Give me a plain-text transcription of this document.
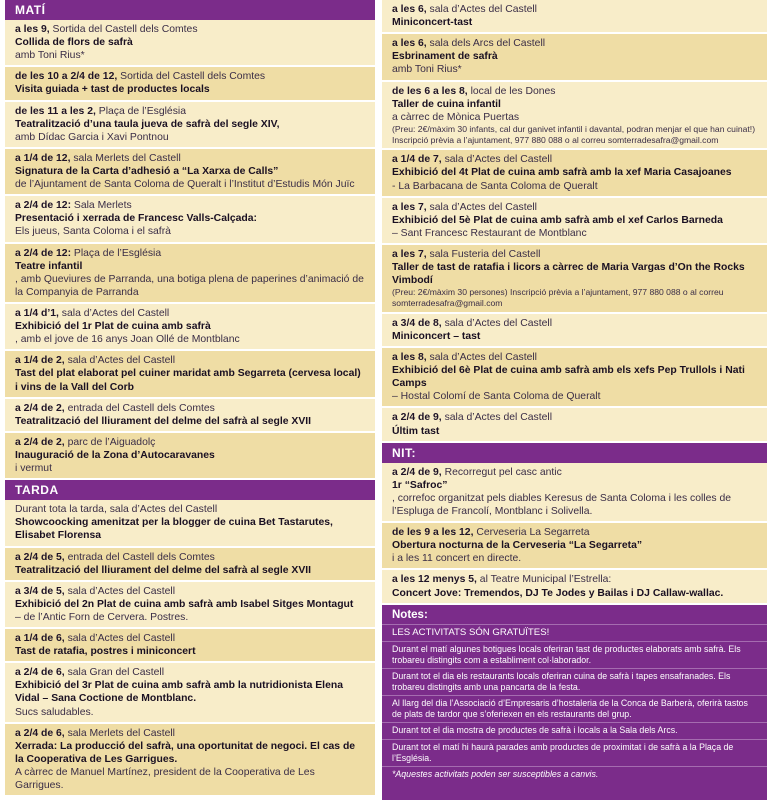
MATÍ
a les 9, Sortida del Castell dels Comtes
Collida de flors de safrà
amb Toni Rius*
de les 10 a 2/4 de 12, Sortida del Castell dels Comtes
Visita guiada + tast de productes locals
de les 11 a les 2, Plaça de l’Església
Teatralització d’una taula jueva de safrà del segle XIV,
amb Dídac Garcia i Xavi Pontnou
a 1/4 de 12, sala Merlets del Castell
Signatura de la Carta d’adhesió a “La Xarxa de Calls”
de l’Ajuntament de Santa Coloma de Queralt i l’Institut d’Estudis Món Juïc
a 2/4 de 12: Sala Merlets
Presentació i xerrada de Francesc Valls-Calçada:
Els jueus, Santa Coloma i el safrà
a 2/4 de 12: Plaça de l’Església
Teatre infantil
, amb Queviures de Parranda, una botiga plena de paperines d’animació de la Companyia de Parranda
a 1/4 d’1, sala d’Actes del Castell
Exhibició del 1r Plat de cuina amb safrà
, amb el jove de 16 anys Joan Ollé de Montblanc
a 1/4 de 2, sala d’Actes del Castell
Tast del plat elaborat pel cuiner maridat amb Segarreta (cervesa local) i vins de la Vall del Corb
a 2/4 de 2, entrada del Castell dels Comtes
Teatralització del lliurament del delme del safrà al segle XVII
a 2/4 de 2, parc de l’Aiguadolç
Inauguració de la Zona d’Autocaravanes
i vermut
TARDA
Durant tota la tarda, sala d’Actes del Castell
Showcoocking amenitzat per la blogger de cuina Bet Tastarutes, Elisabet Florensa
a 2/4 de 5, entrada del Castell dels Comtes
Teatralització del lliurament del delme del safrà al segle XVII
a 3/4 de 5, sala d’Actes del Castell
Exhibició del 2n Plat de cuina amb safrà amb Isabel Sitges Montagut
– de l’Antic Forn de Cervera. Postres.
a 1/4 de 6, sala d’Actes del Castell
Tast de ratafia, postres i miniconcert
a 2/4 de 6, sala Gran del Castell
Exhibició del 3r Plat de cuina amb safrà amb la nutridionista Elena Vidal – Sana Coctione de Montblanc.
Sucs saludables.
a 2/4 de 6, sala Merlets del Castell
Xerrada: La producció del safrà, una oportunitat de negoci. El cas de la Cooperativa de Les Garrigues.
A càrrec de Manuel Martínez, president de la Cooperativa de Les Garrigues.
a les 6, sala d’Actes del Castell
Miniconcert-tast
a les 6, sala dels Arcs del Castell
Esbrinament de safrà
amb Toni Rius*
de les 6 a les 8, local de les Dones
Taller de cuina infantil
a càrrec de Mònica Puertas
(Preu: 2€/màxim 30 infants, cal dur ganivet infantil i davantal, podran menjar el que han cuinat!) Inscripció prèvia a l’ajuntament, 977 880 088 o al correu somterradesafra@gmail.com
a 1/4 de 7, sala d’Actes del Castell
Exhibició del 4t Plat de cuina amb safrà amb la xef Maria Casajoanes
- La Barbacana de Santa Coloma de Queralt
a les 7, sala d’Actes del Castell
Exhibició del 5è Plat de cuina amb safrà amb el xef Carlos Barneda
– Sant Francesc Restaurant de Montblanc
a les 7, sala Fusteria del Castell
Taller de tast de ratafia i licors a càrrec de Maria Vargas d’On the Rocks Vimbodí
(Preu: 2€/màxim 30 persones) Inscripció prèvia a l’ajuntament, 977 880 088 o al correu somterradesafra@gmail.com
a 3/4 de 8, sala d’Actes del Castell
Miniconcert – tast
a les 8, sala d’Actes del Castell
Exhibició del 6è Plat de cuina amb safrà amb els xefs Pep Trullols i Nati Camps
– Hostal Colomí de Santa Coloma de Queralt
a 2/4 de 9, sala d’Actes del Castell
Últim tast
NIT:
a 2/4 de 9, Recorregut pel casc antic
1r “Safroc”
, correfoc organitzat pels diables Keresus de Santa Coloma i les colles de l’Espluga de Francolí, Montblanc i Solivella.
de les 9 a les 12, Cerveseria La Segarreta
Obertura nocturna de la Cerveseria “La Segarreta”
i a les 11 concert en directe.
a les 12 menys 5, al Teatre Municipal l’Estrella:
Concert Jove: Tremendos, DJ Te Jodes y Bailas i DJ Callaw-wallac.
Notes:
LES ACTIVITATS SÓN GRATUÏTES!
Durant el matí algunes botigues locals oferiran tast de productes elaborats amb safrà. Els trobareu distingits com a establiment col·laborador.
Durant tot el dia els restaurants locals oferiran cuina de safrà i tapes ensafranades. Els trobareu distingits amb una pancarta de la festa.
Al llarg del dia l’Associació d’Empresaris d’hostaleria de la Conca de Barberà, oferirà tastos de plats de tardor que s’oferiexen en els restaurants del grup.
Durant tot el dia mostra de productes de safrà i locals a la Sala dels Arcs.
Durant tot el matí hi haurà parades amb productes de proximitat i de safrà a la Plaça de l’Església.
*Aquestes activitats poden ser susceptibles a canvis.
